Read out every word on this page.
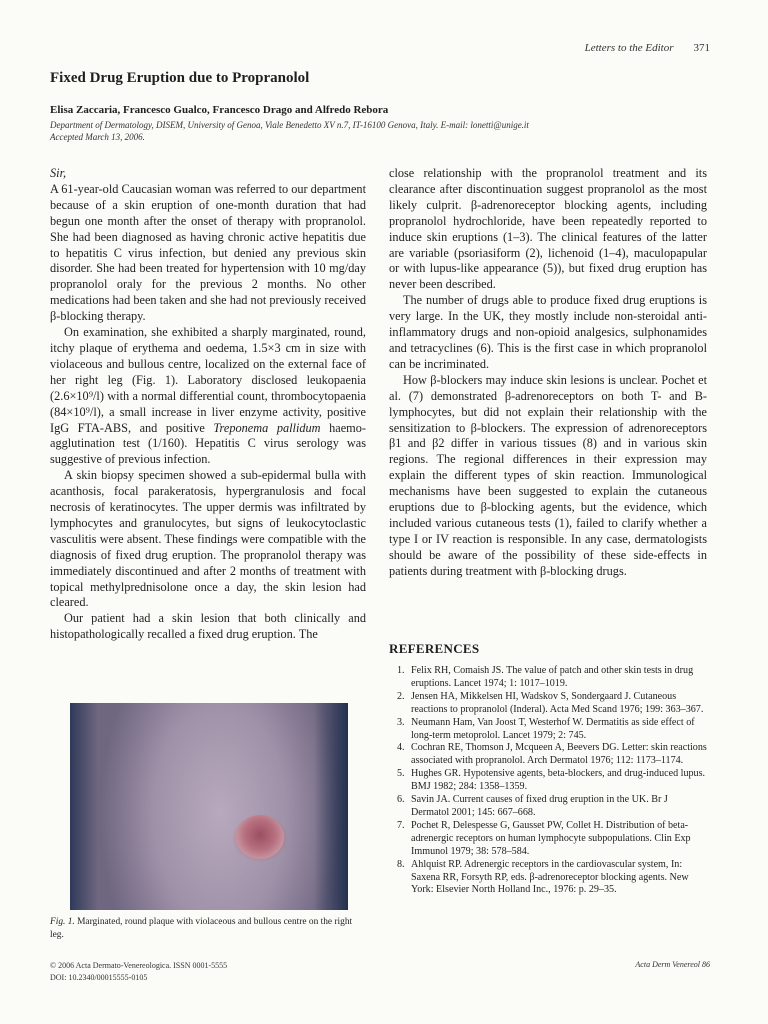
Letters to the Editor 371
Fixed Drug Eruption due to Propranolol

Elisa Zaccaria, Francesco Gualco, Francesco Drago and Alfredo Rebora

Department of Dermatology, DISEM, University of Genoa, Viale Benedetto XV n.7, IT-16100 Genova, Italy. E-mail: lonetti@unige.it
Accepted March 13, 2006.

Sir,

A 61-year-old Caucasian woman was referred to our department because of a skin eruption of one-month duration that had begun one month after the onset of therapy with propranolol. She had been diagnosed as having chronic active hepatitis due to hepatitis C virus infection, but denied any previous skin disorder. She had been treated for hypertension with 10 mg/day propranolol oraly for the previous 2 months. No other medications had been taken and she had not previously received β-blocking therapy.

On examination, she exhibited a sharply marginated, round, itchy plaque of erythema and oedema, 1.5×3 cm in size with violaceous and bullous centre, localized on the external face of her right leg (Fig. 1). Laboratory disclosed leukopaenia (2.6×10⁹/l) with a normal differential count, thrombocytopaenia (84×10⁹/l), a small increase in liver enzyme activity, positive IgG FTA-ABS, and positive Treponema pallidum haemo-agglutination test (1/160). Hepatitis C virus serology was suggestive of previous infection.

A skin biopsy specimen showed a sub-epidermal bulla with acanthosis, focal parakeratosis, hypergranulosis and focal necrosis of keratinocytes. The upper dermis was infiltrated by lymphocytes and granulocytes, but signs of leukocytoclastic vasculitis were absent. These findings were compatible with the diagnosis of fixed drug eruption. The propranolol therapy was immediately discontinued and after 2 months of treatment with topical methylprednisolone once a day, the skin lesion had cleared.

Our patient had a skin lesion that both clinically and histopathologically recalled a fixed drug eruption. The

Fig. 1. Marginated, round plaque with violaceous and bullous centre on the right leg.

close relationship with the propranolol treatment and its clearance after discontinuation suggest propranolol as the most likely culprit. β-adrenoreceptor blocking agents, including propranolol hydrochloride, have been repeatedly reported to induce skin eruptions (1–3). The clinical features of the latter are variable (psoriasiform (2), lichenoid (1–4), maculopapular or with lupus-like appearance (5)), but fixed drug eruption has never been described.

The number of drugs able to produce fixed drug eruptions is very large. In the UK, they mostly include non-steroidal anti-inflammatory drugs and non-opioid analgesics, sulphonamides and tetracyclines (6). This is the first case in which propranolol can be incriminated.

How β-blockers may induce skin lesions is unclear. Pochet et al. (7) demonstrated β-adrenoreceptors on both T- and B-lymphocytes, but did not explain their relationship with the sensitization to β-blockers. The expression of adrenoreceptors β1 and β2 differ in various tissues (8) and in various skin regions. The regional differences in their expression may explain the different types of skin reaction. Immunological mechanisms have been suggested to explain the cutaneous eruptions due to β-blocking agents, but the evidence, which included various cutaneous tests (1), failed to clarify whether a type I or IV reaction is responsible. In any case, dermatologists should be aware of the possibility of these side-effects in patients during treatment with β-blocking drugs.

REFERENCES
1. Felix RH, Comaish JS. The value of patch and other skin tests in drug eruptions. Lancet 1974; 1: 1017–1019.
2. Jensen HA, Mikkelsen HI, Wadskov S, Sondergaard J. Cutaneous reactions to propranolol (Inderal). Acta Med Scand 1976; 199: 363–367.
3. Neumann Ham, Van Joost T, Westerhof W. Dermatitis as side effect of long-term metoprolol. Lancet 1979; 2: 745.
4. Cochran RE, Thomson J, Mcqueen A, Beevers DG. Letter: skin reactions associated with propranolol. Arch Dermatol 1976; 112: 1173–1174.
5. Hughes GR. Hypotensive agents, beta-blockers, and drug-induced lupus. BMJ 1982; 284: 1358–1359.
6. Savin JA. Current causes of fixed drug eruption in the UK. Br J Dermatol 2001; 145: 667–668.
7. Pochet R, Delespesse G, Gausset PW, Collet H. Distribution of beta-adrenergic receptors on human lymphocyte subpopulations. Clin Exp Immunol 1979; 38: 578–584.
8. Ahlquist RP. Adrenergic receptors in the cardiovascular system, In: Saxena RR, Forsyth RP, eds. β-adrenoreceptor blocking agents. New York: Elsevier North Holland Inc., 1976: p. 29–35.
© 2006 Acta Dermato-Venereologica. ISSN 0001-5555
DOI: 10.2340/00015555-0105
Acta Derm Venereol 86
